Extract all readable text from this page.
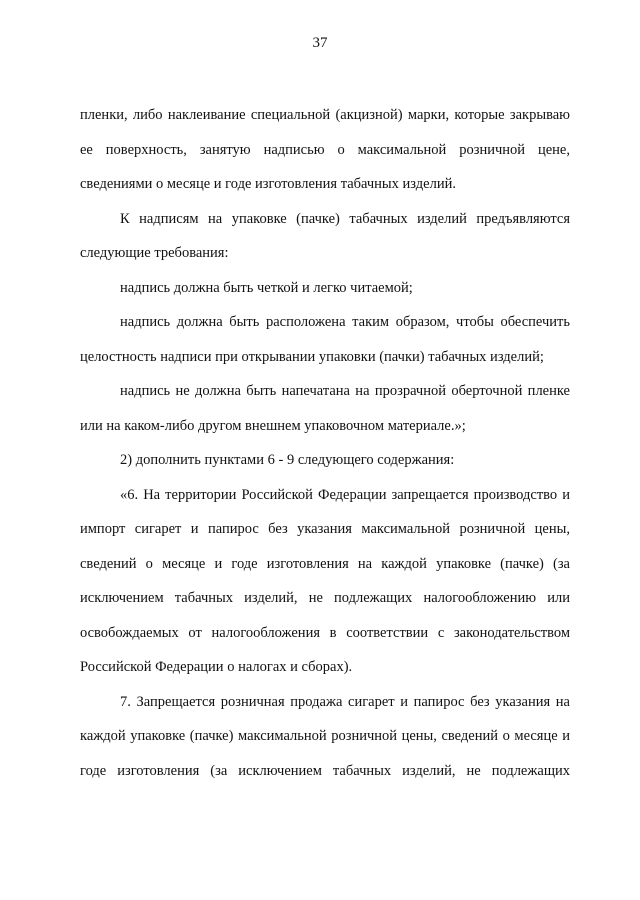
37
пленки, либо наклеивание специальной (акцизной) марки, которые закрываю
ее поверхность, занятую надписью о максимальной розничной цене,
сведениями о месяце и годе изготовления табачных изделий.
К надписям на упаковке (пачке) табачных изделий предъявляются
следующие требования:
надпись должна быть четкой и легко читаемой;
надпись должна быть расположена таким образом, чтобы обеспечить
целостность надписи при открывании упаковки (пачки) табачных изделий;
надпись не должна быть напечатана на прозрачной оберточной пленке
или на каком-либо другом внешнем упаковочном материале.»;
2) дополнить пунктами 6 - 9 следующего содержания:
«6. На территории Российской Федерации запрещается производство и
импорт сигарет и папирос без указания максимальной розничной цены,
сведений о месяце и годе изготовления на каждой упаковке (пачке) (за
исключением табачных изделий, не подлежащих налогообложению или
освобождаемых от налогообложения в соответствии с законодательством
Российской Федерации о налогах и сборах).
7. Запрещается розничная продажа сигарет и папирос без указания на
каждой упаковке (пачке) максимальной розничной цены, сведений о месяце и
годе изготовления (за исключением табачных изделий, не подлежащих
